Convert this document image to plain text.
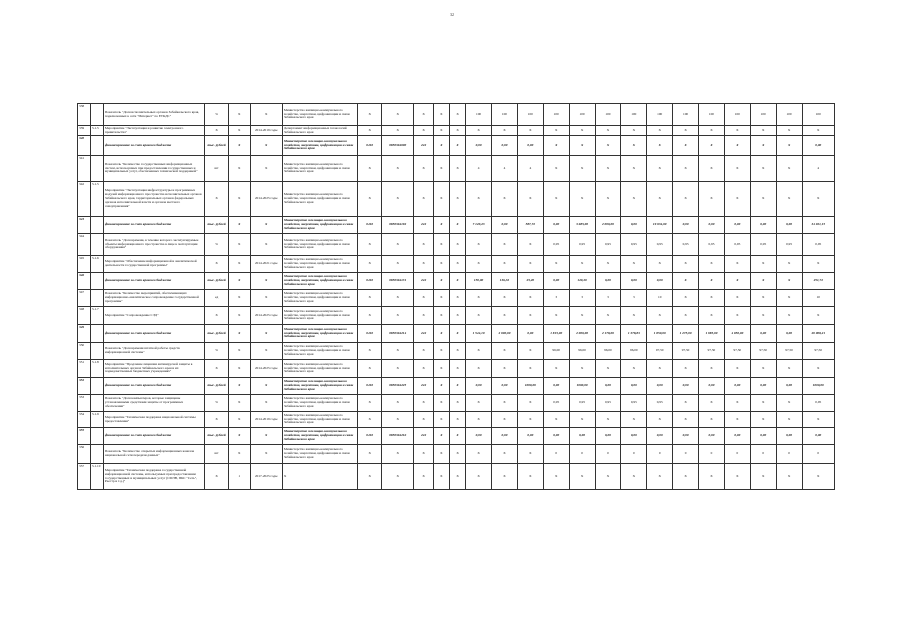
32
338		Показатель "Доля исполнительных органов Забайкальского края, подключенных к сети "Интернет" по ЕТКДС"	%	Х	Х	Министерство жилищно-коммунального хозяйства, энергетики, цифровизации и связи Забайкальского края	Х	Х	Х	Х	Х	100	100	100	100	100	100	100	100	100	100	100	100	100	100
339	5.1.5	Мероприятие "Эксплуатация и развитие электронного правительства"	Х	Х	2014-2019 годы	Департамент информационных технологий Забайкальского края	Х	Х	Х	Х	Х	Х	Х	Х	Х	Х	Х	Х	Х	Х	Х	Х	Х	Х	Х
340		финансирование за счет краевого бюджета	тыс. рублей	Х	Х	Министерство жилищно-коммунального хозяйства, энергетики, цифровизации и связи Забайкальского края	0410	0850364000	242	Х	Х	0,00	0,00	0,00	Х	Х	Х	Х	Х	Х	Х	Х	Х	Х	0,00
341		Показатель "Количество государственных информационных систем, используемых при предоставлении государственных и муниципальных услуг, обеспеченных технической поддержкой"	шт	Х	Х	Министерство жилищно-коммунального хозяйства, энергетики, цифровизации и связи Забайкальского края	Х	Х	Х	Х	Х	4	4	4	Х	Х	Х	Х	Х	Х	Х	Х	Х	Х	4
342	5.1.5	Мероприятие "Эксплуатация инфраструктуры и программных модулей информационного пространства исполнительных органов Забайкальского края, территориальных органов федеральных органов исполнительной власти и органов местного самоуправления"	Х	Х	2014-2025 годы	Министерство жилищно-коммунального хозяйства, энергетики, цифровизации и связи Забайкальского края	Х	Х	Х	Х	Х	Х	Х	Х	Х	Х	Х	Х	Х	Х	Х	Х	Х	Х	Х
343		финансирование за счет краевого бюджета	тыс. рублей	Х	Х	Министерство жилищно-коммунального хозяйства, энергетики, цифровизации и связи Забайкальского края	0410	0850364192	242	Х	Х	7 120,23	0,00	587,72	0,00	3 685,00	2 000,00	0,00	19 034,00	0,00	0,00	0,00	0,00	0,00	34 021,15
344		Показатель "Доля времени, в течение которого эксплуатируемые объекты информационного пространства в лице к эксплуатации оборудования"	%	Х	Х	Министерство жилищно-коммунального хозяйства, энергетики, цифровизации и связи Забайкальского края	Х	Х	Х	Х	Х	Х	Х	Х	0,95	0,95	0,95	0,95	0,95	0,95	0,95	0,95	0,95	0,95	0,95
345	5.1.6	Мероприятие "Обеспечение информационной и аналитической деятельности государственной программы"	Х	Х	2014-2021 годы	Министерство жилищно-коммунального хозяйства, энергетики, цифровизации и связи Забайкальского края	Х	Х	Х	Х	Х	Х	Х	Х	Х	Х	Х	Х	Х	Х	Х	Х	Х	Х	Х
346		финансирование за счет краевого бюджета	тыс. рублей	Х	Х	Министерство жилищно-коммунального хозяйства, энергетики, цифровизации и связи Забайкальского края	0410	0850364131	242	Х	Х	150,00	136,32	25,20	0,00	120,20	0,00	0,00	0,00	Х	Х	Х	Х	Х	251,72
347		Показатель "Количество мероприятий, обеспечивающих информационно-аналитическое сопровождение государственной программы"	ед	Х	Х	Министерство жилищно-коммунального хозяйства, энергетики, цифровизации и связи Забайкальского края	Х	Х	Х	Х	Х	Х	Х	Х	3	3	3	3	10	Х	Х	Х	Х	Х	10
348	5.1.7	Мероприятие "Сопровождение СЭД"	Х	Х	2014-2025 годы	Министерство жилищно-коммунального хозяйства, энергетики, цифровизации и связи Забайкальского края	Х	Х	Х	Х	Х	Х	Х	Х	Х	Х	Х	Х	Х	Х	Х	Х	Х	Х	Х
349		финансирование за счет краевого бюджета	тыс. рублей	Х	Х	Министерство жилищно-коммунального хозяйства, энергетики, цифровизации и связи Забайкальского края	0410	0850364214	242	Х	Х	1 544,10	2 000,00	0,00	1 815,00	2 000,00	2 178,00	1 378,83	1 850,00	1 275,00	1 985,00	4 050,00	0,00	0,00	20 008,21
350		Показатель "Доля времени штатной работы средств информационной системы"	%	Х	Х	Министерство жилищно-коммунального хозяйства, энергетики, цифровизации и связи Забайкальского края	Х	Х	Х	Х	Х	Х	Х	Х	96,00	96,00	96,00	96,00	97,50	97,50	97,50	97,50	97,50	97,50	97,50
351	5.1.8	Мероприятие "Продление лицензии антивирусной защиты в исполнительных органах Забайкальского края и их подведомственных бюджетных учреждениях"	Х	Х	2014-2025 годы	Министерство жилищно-коммунального хозяйства, энергетики, цифровизации и связи Забайкальского края	Х	Х	Х	Х	Х	Х	Х	Х	Х	Х	Х	Х	Х	Х	Х	Х	Х	Х	Х
352		финансирование за счет краевого бюджета	тыс. рублей	Х	Х	Министерство жилищно-коммунального хозяйства, энергетики, цифровизации и связи Забайкальского края	0410	0850364225	242	Х	Х	0,00	0,00	1000,00	0,00	1000,00	0,00	0,00	0,00	0,00	0,00	0,00	0,00	0,00	1000,00
353		Показатель "Доля компьютеров, которые защищены установленными средствами защиты от программных обеспечения"	%	Х	Х	Министерство жилищно-коммунального хозяйства, энергетики, цифровизации и связи Забайкальского края	Х	Х	Х	Х	Х	Х	Х	Х	0,95	0,95	0,95	0,95	0,95	Х	Х	Х	Х	Х	0,95
354	5.1.9	Мероприятие "Техническая поддержка национальной системы предоставления"	Х	Х	2014-2019 годы	Министерство жилищно-коммунального хозяйства, энергетики, цифровизации и связи Забайкальского края	Х	Х	Х	Х	Х	Х	Х	Х	Х	Х	Х	Х	Х	Х	Х	Х	Х	Х	Х
355		финансирование за счет краевого бюджета	тыс. рублей	Х	Х	Министерство жилищно-коммунального хозяйства, энергетики, цифровизации и связи Забайкальского края	0410	0850364216	242	Х	Х	0,00	0,00	0,00	0,00	0,00	0,00	0,00	0,00	0,00	0,00	0,00	0,00	0,00	0,00
356		Показатель "Количество открытых информационных каналов национальной сети передачи данных"	шт	Х	Х	Министерство жилищно-коммунального хозяйства, энергетики, цифровизации и связи Забайкальского края	Х	Х	Х	Х	Х	Х	Х	Х	0	0	0	0	0	0	0	0	0	0	0
357	5.1.10	Мероприятие "Техническая поддержка государственной информационной системы, используемых при предоставлении государственных и муниципальных услуг (СМЭВ, ПКС "Сеть", Реестр и т.д.)"	Х	1	2017-2025 годы	Х	Х	Х	Х	Х	Х	Х	Х	Х	Х	Х	Х	Х	Х	Х	Х	Х	Х	Х	Х
